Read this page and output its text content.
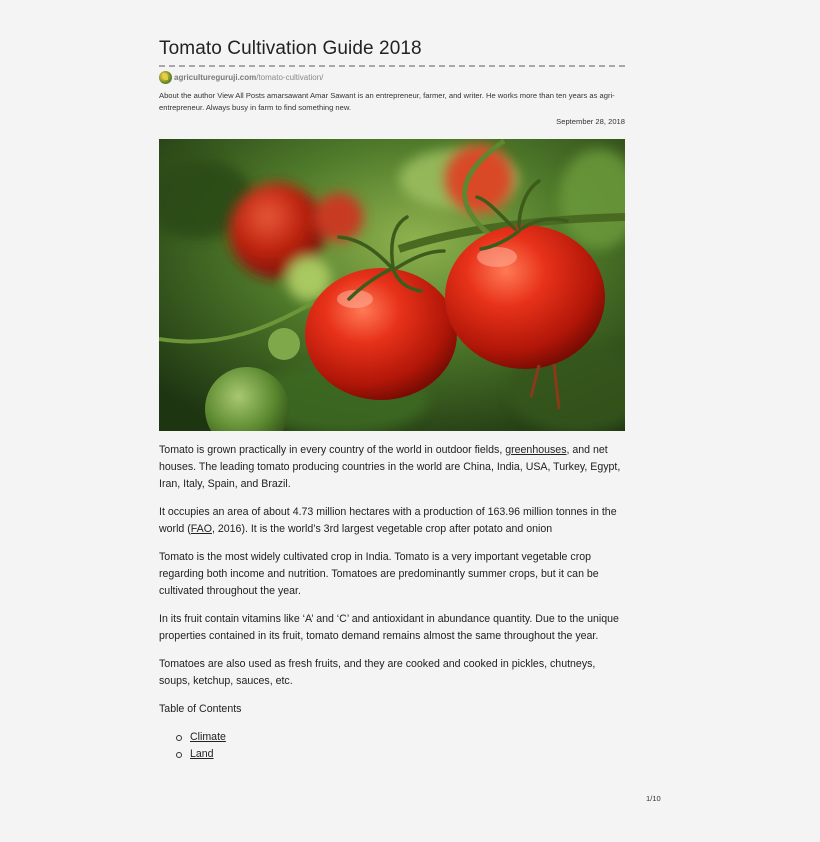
Tomato Cultivation Guide 2018
agricultureguruji.com/tomato-cultivation/
About the author View All Posts amarsawant Amar Sawant is an entrepreneur, farmer, and writer. He works more than ten years as agri-entrepreneur. Always busy in farm to find something new.
September 28, 2018

Tomato is grown practically in every country of the world in outdoor fields, greenhouses, and net houses. The leading tomato producing countries in the world are China, India, USA, Turkey, Egypt, Iran, Italy, Spain, and Brazil.

It occupies an area of about 4.73 million hectares with a production of 163.96 million tonnes in the world (FAO, 2016). It is the world’s 3rd largest vegetable crop after potato and onion

Tomato is the most widely cultivated crop in India. Tomato is a very important vegetable crop regarding both income and nutrition. Tomatoes are predominantly summer crops, but it can be cultivated throughout the year.

In its fruit contain vitamins like ‘A’ and ‘C’ and antioxidant in abundance quantity. Due to the unique properties contained in its fruit, tomato demand remains almost the same throughout the year.

Tomatoes are also used as fresh fruits, and they are cooked and cooked in pickles, chutneys, soups, ketchup, sauces, etc.

Table of Contents
Climate
Land
1/10
